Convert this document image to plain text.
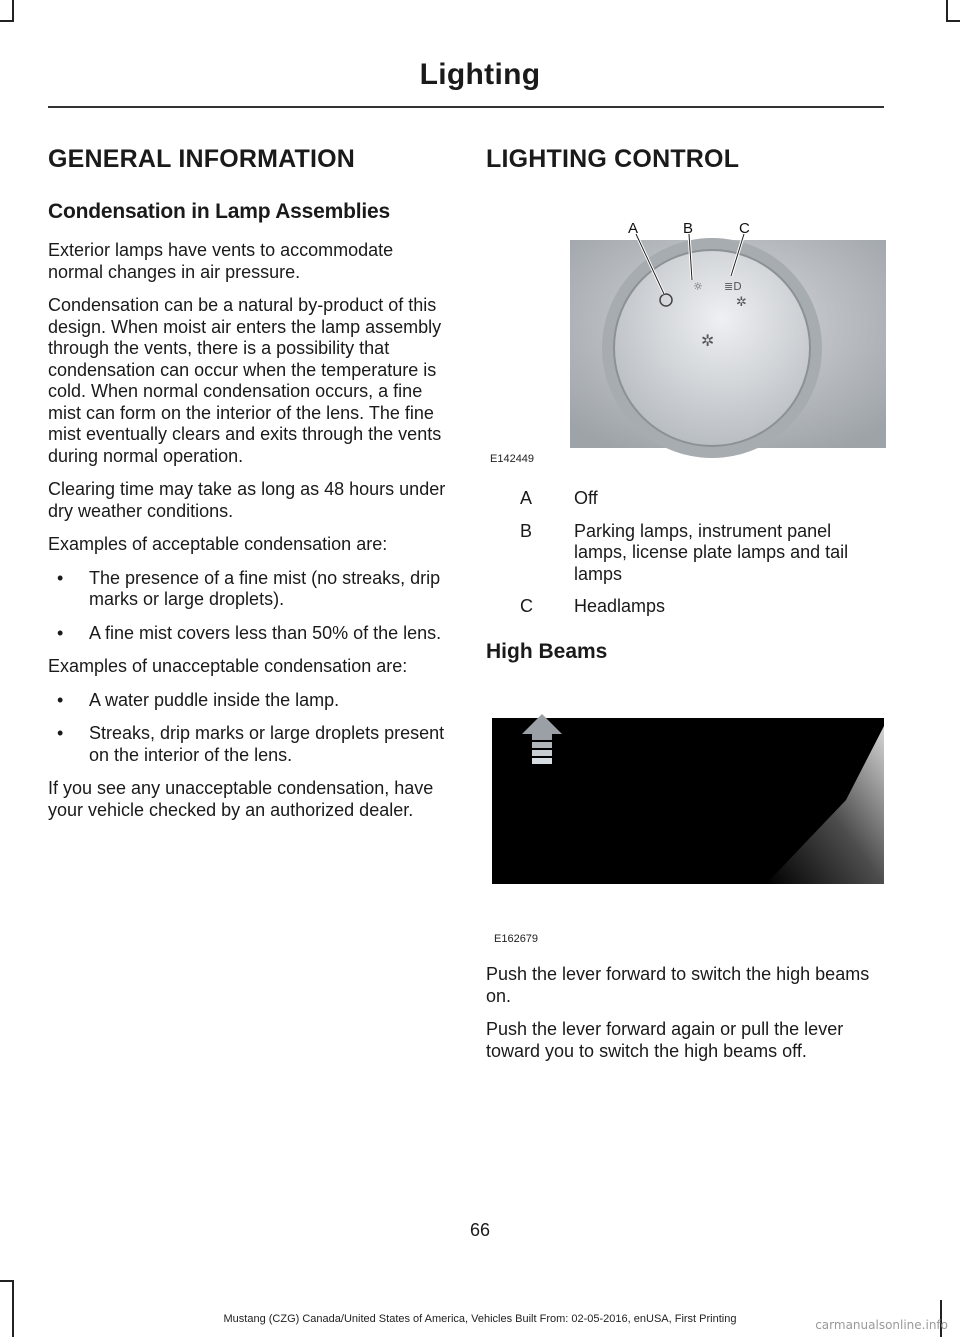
Lighting
GENERAL INFORMATION
Condensation in Lamp Assemblies

Exterior lamps have vents to accommodate normal changes in air pressure.

Condensation can be a natural by-product of this design. When moist air enters the lamp assembly through the vents, there is a possibility that condensation can occur when the temperature is cold. When normal condensation occurs, a fine mist can form on the interior of the lens. The fine mist eventually clears and exits through the vents during normal operation.

Clearing time may take as long as 48 hours under dry weather conditions.

Examples of acceptable condensation are:

• The presence of a fine mist (no streaks, drip marks or large droplets).
• A fine mist covers less than 50% of the lens.

Examples of unacceptable condensation are:

• A water puddle inside the lamp.
• Streaks, drip marks or large droplets present on the interior of the lens.

If you see any unacceptable condensation, have your vehicle checked by an authorized dealer.

LIGHTING CONTROL
☼ ≣D
✲
✲
A	B	C
E142449
A Off
B Parking lamps, instrument panel lamps, license plate lamps and tail lamps
C Headlamps
High Beams
E162679

Push the lever forward to switch the high beams on.

Push the lever forward again or pull the lever toward you to switch the high beams off.

66
Mustang (CZG) Canada/United States of America, Vehicles Built From: 02-05-2016, enUSA, First Printing	carmanualsonline.info
